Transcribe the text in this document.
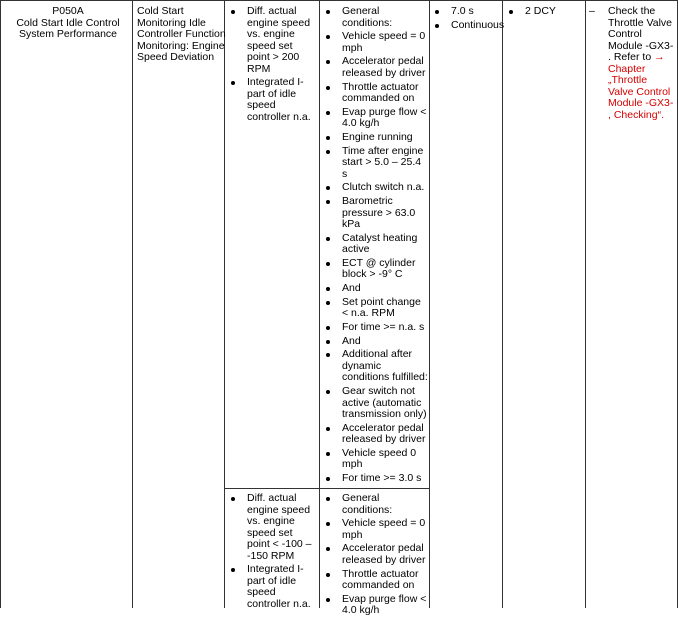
P050A
Cold Start Idle Control
System Performance
Cold Start Monitoring Idle Controller Function Monitoring: Engine Speed Deviation
Diff. actual engine speed vs. engine speed set point > 200 RPM
Integrated I-part of idle speed controller n.a.
General conditions:
Vehicle speed = 0 mph
Accelerator pedal released by driver
Throttle actuator commanded on
Evap purge flow < 4.0 kg/h
Engine running
Time after engine start > 5.0 – 25.4 s
Clutch switch n.a.
Barometric pressure > 63.0 kPa
Catalyst heating active
ECT @ cylinder block > -9° C
And
Set point change < n.a. RPM
For time >= n.a. s
And
Additional after dynamic conditions fulfilled:
Gear switch not active (automatic transmission only)
Accelerator pedal released by driver
Vehicle speed 0 mph
For time >= 3.0 s
Diff. actual engine speed vs. engine speed set point < -100 – -150 RPM
Integrated I-part of idle speed controller n.a.
General conditions:
Vehicle speed = 0 mph
Accelerator pedal released by driver
Throttle actuator commanded on
Evap purge flow < 4.0 kg/h
7.0 s
Continuous
2 DCY
–	Check the Throttle Valve Control Module -GX3- . Refer to → Chapter „Throttle Valve Control Module -GX3- , Checking“.
